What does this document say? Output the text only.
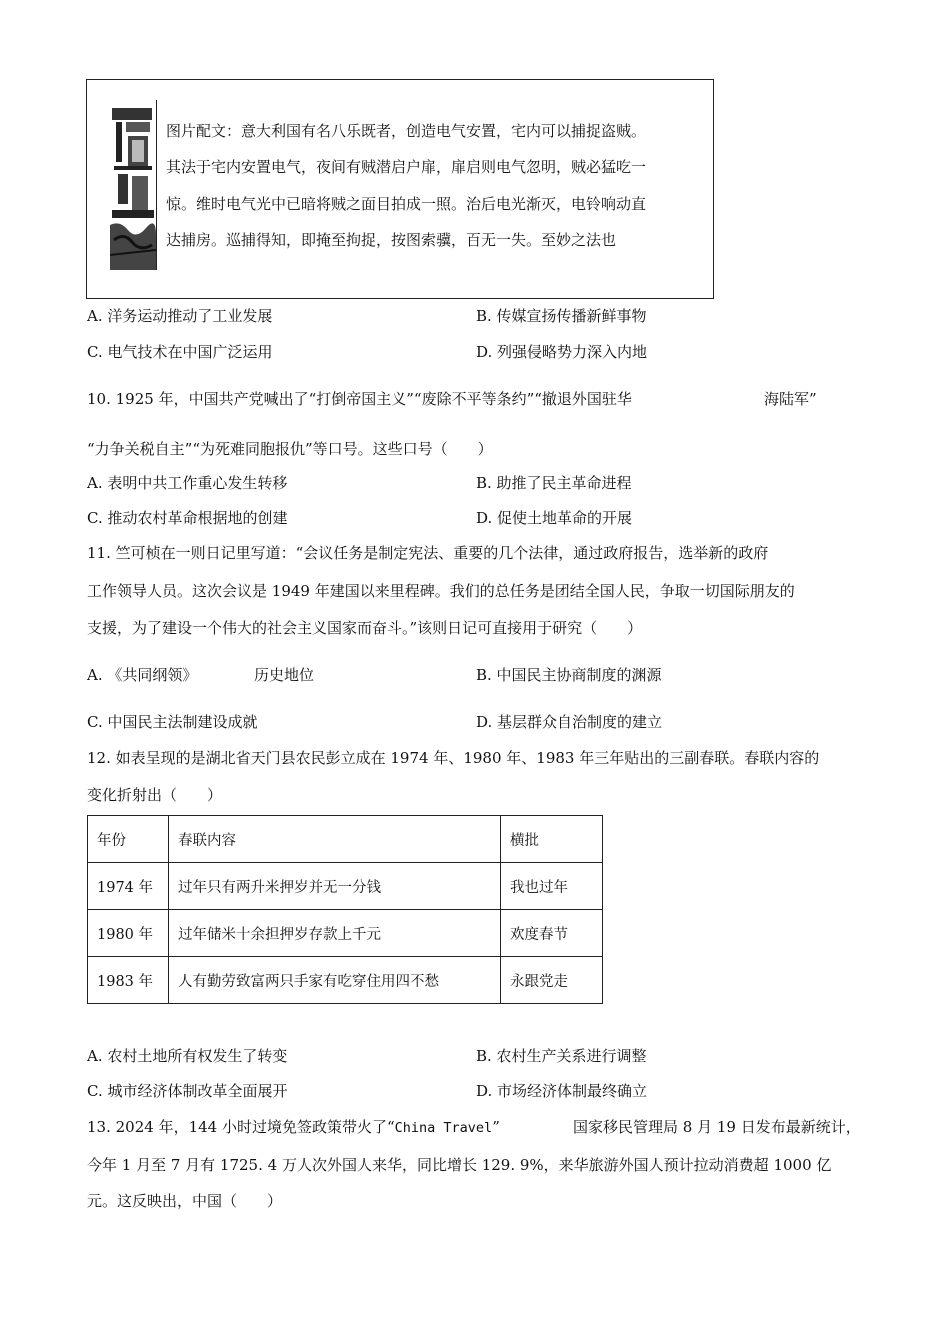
图片配文：意大利国有名八乐既者，创造电气安置，宅内可以捕捉盗贼。
其法于宅内安置电气，夜间有贼潜启户扉，扉启则电气忽明，贼必猛吃一
惊。维时电气光中已暗将贼之面目拍成一照。治后电光渐灭，电铃响动直
达捕房。巡捕得知，即掩至拘捉，按图索骥，百无一失。至妙之法也
A. 洋务运动推动了工业发展	B. 传媒宣扬传播新鲜事物
C. 电气技术在中国广泛运用	D. 列强侵略势力深入内地
10. 1925 年，中国共产党喊出了“打倒帝国主义”“废除不平等条约”“撤退外国驻华	海陆军”
“力争关税自主”“为死难同胞报仇”等口号。这些口号（　　）
A. 表明中共工作重心发生转移	B. 助推了民主革命进程
C. 推动农村革命根据地的创建	D. 促使土地革命的开展
11. 竺可桢在一则日记里写道：“会议任务是制定宪法、重要的几个法律，通过政府报告，选举新的政府
工作领导人员。这次会议是 1949 年建国以来里程碑。我们的总任务是团结全国人民，争取一切国际朋友的
支援，为了建设一个伟大的社会主义国家而奋斗。”该则日记可直接用于研究（　　）
A. 《共同纲领》	历史地位	B. 中国民主协商制度的渊源
C. 中国民主法制建设成就	D. 基层群众自治制度的建立
12. 如表呈现的是湖北省天门县农民彭立成在 1974 年、1980 年、1983 年三年贴出的三副春联。春联内容的
变化折射出（　　）
年份	春联内容	横批
1974 年	过年只有两升米押岁并无一分钱	我也过年
1980 年	过年储米十余担押岁存款上千元	欢度春节
1983 年	人有勤劳致富两只手家有吃穿住用四不愁	永跟党走
A. 农村土地所有权发生了转变	B. 农村生产关系进行调整
C. 城市经济体制改革全面展开	D. 市场经济体制最终确立
13. 2024 年，144 小时过境免签政策带火了“China Travel”	国家移民管理局 8 月 19 日发布最新统计，
今年 1 月至 7 月有 1725. 4 万人次外国人来华，同比增长 129. 9%，来华旅游外国人预计拉动消费超 1000 亿
元。这反映出，中国（　　）
